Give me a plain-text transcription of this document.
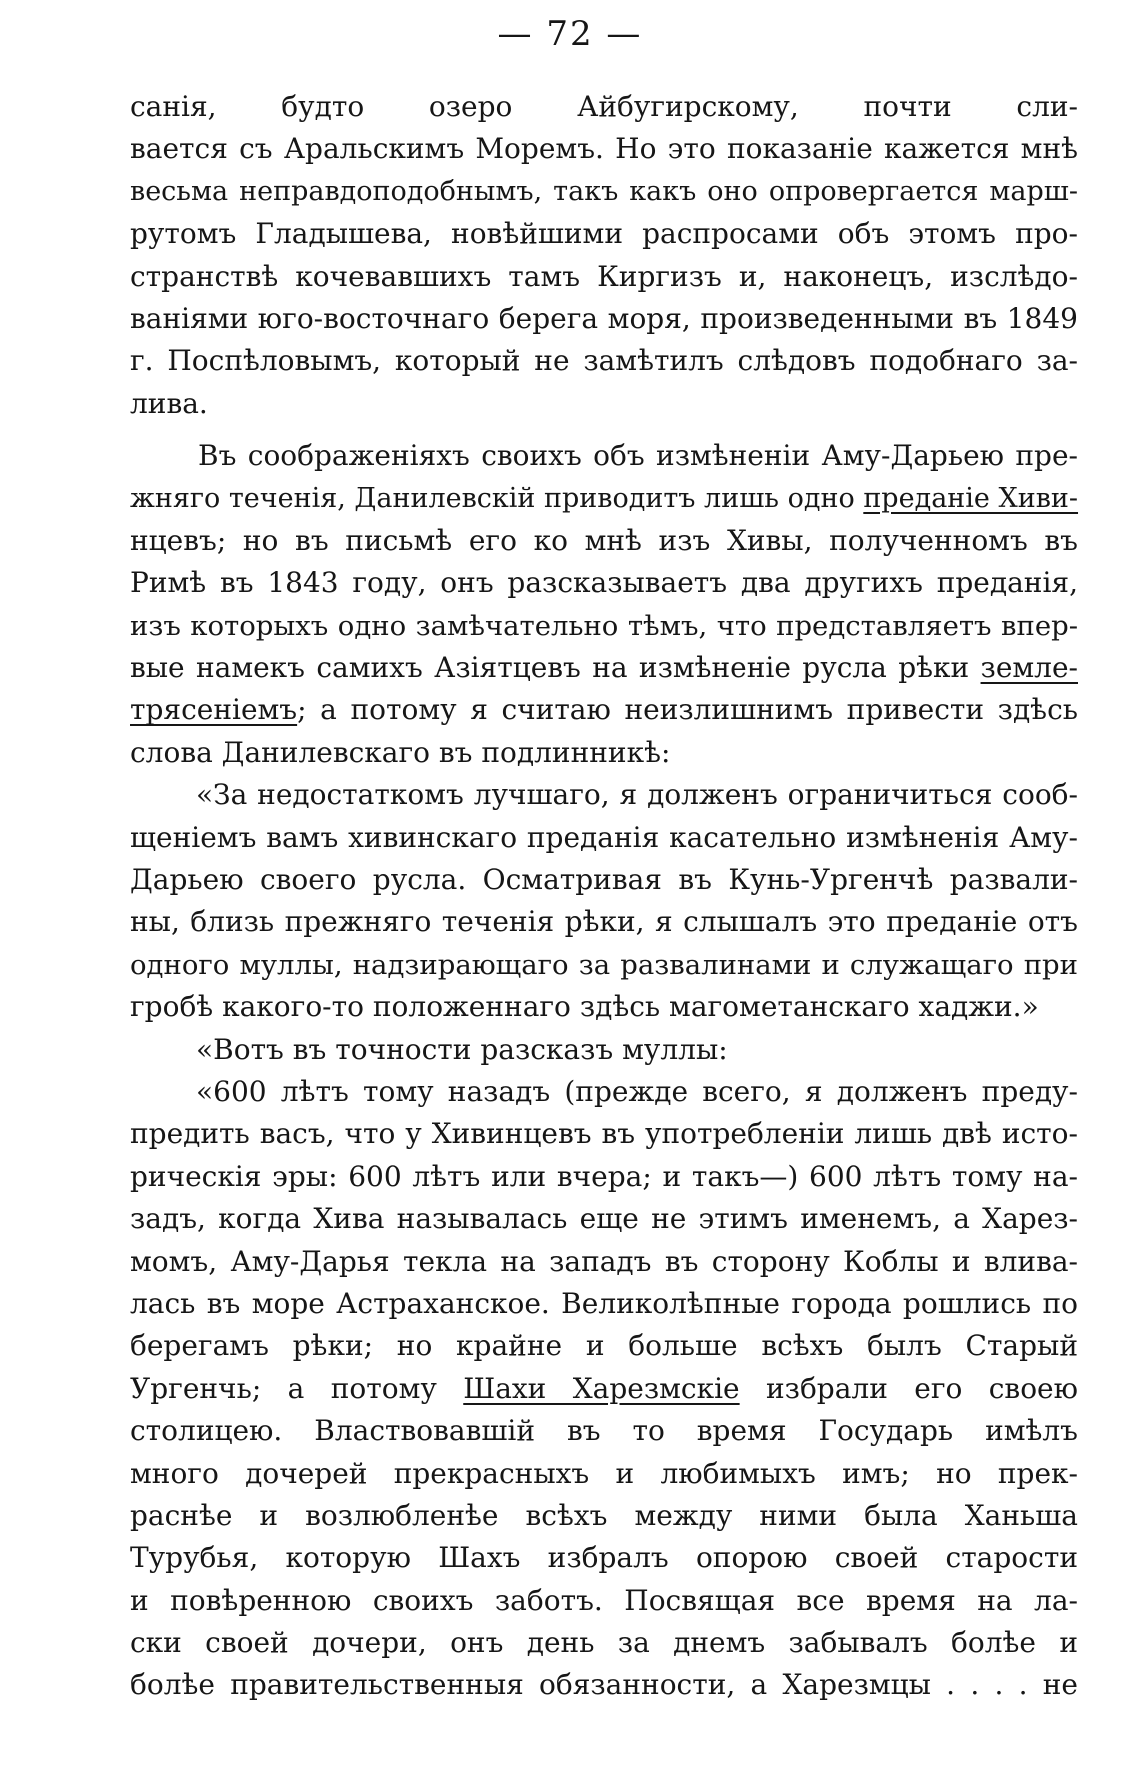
— 72 —
санія, будто озеро Айбугирскому, почти сли-
вается съ Аральскимъ Моремъ. Но это показаніе кажется мнѣ
весьма неправдоподобнымъ, такъ какъ оно опровергается марш-
рутомъ Гладышева, новѣйшими распросами объ этомъ про-
странствѣ кочевавшихъ тамъ Киргизъ и, наконецъ, изслѣдо-
ваніями юго-восточнаго берега моря, произведенными въ 1849
г. Поспѣловымъ, который не замѣтилъ слѣдовъ подобнаго за-
лива.
Въ соображеніяхъ своихъ объ измѣненіи Аму-Дарьею пре-
жняго теченія, Данилевскій приводитъ лишь одно преданіе Хиви-
нцевъ; но въ письмѣ его ко мнѣ изъ Хивы, полученномъ въ
Римѣ въ 1843 году, онъ разсказываетъ два другихъ преданія,
изъ которыхъ одно замѣчательно тѣмъ, что представляетъ впер-
вые намекъ самихъ Азіятцевъ на измѣненіе русла рѣки земле-
трясеніемъ; а потому я считаю неизлишнимъ привести здѣсь
слова Данилевскаго въ подлинникѣ:
«За недостаткомъ лучшаго, я долженъ ограничиться сооб-
щеніемъ вамъ хивинскаго преданія касательно измѣненія Аму-
Дарьею своего русла. Осматривая въ Кунь-Ургенчѣ развали-
ны, близь прежняго теченія рѣки, я слышалъ это преданіе отъ
одного муллы, надзирающаго за развалинами и служащаго при
гробѣ какого-то положеннаго здѣсь магометанскаго хаджи.»
«Вотъ въ точности разсказъ муллы:
«600 лѣтъ тому назадъ (прежде всего, я долженъ преду-
предить васъ, что у Хивинцевъ въ употребленіи лишь двѣ исто-
рическія эры: 600 лѣтъ или вчера; и такъ—) 600 лѣтъ тому на-
задъ, когда Хива называлась еще не этимъ именемъ, а Харез-
момъ, Аму-Дарья текла на западъ въ сторону Коблы и влива-
лась въ море Астраханское. Великолѣпные города рошлись по
берегамъ рѣки; но крайне и больше всѣхъ былъ Старый
Ургенчь; а потому Шахи Харезмскіе избрали его своею
столицею. Властвовавшій въ то время Государь имѣлъ
много дочерей прекрасныхъ и любимыхъ имъ; но прек-
раснѣе и возлюбленѣе всѣхъ между ними была Ханьша
Турубья, которую Шахъ избралъ опорою своей старости
и повѣренною своихъ заботъ. Посвящая все время на ла-
ски своей дочери, онъ день за днемъ забывалъ болѣе и
болѣе правительственныя обязанности, а Харезмцы . . . . не
